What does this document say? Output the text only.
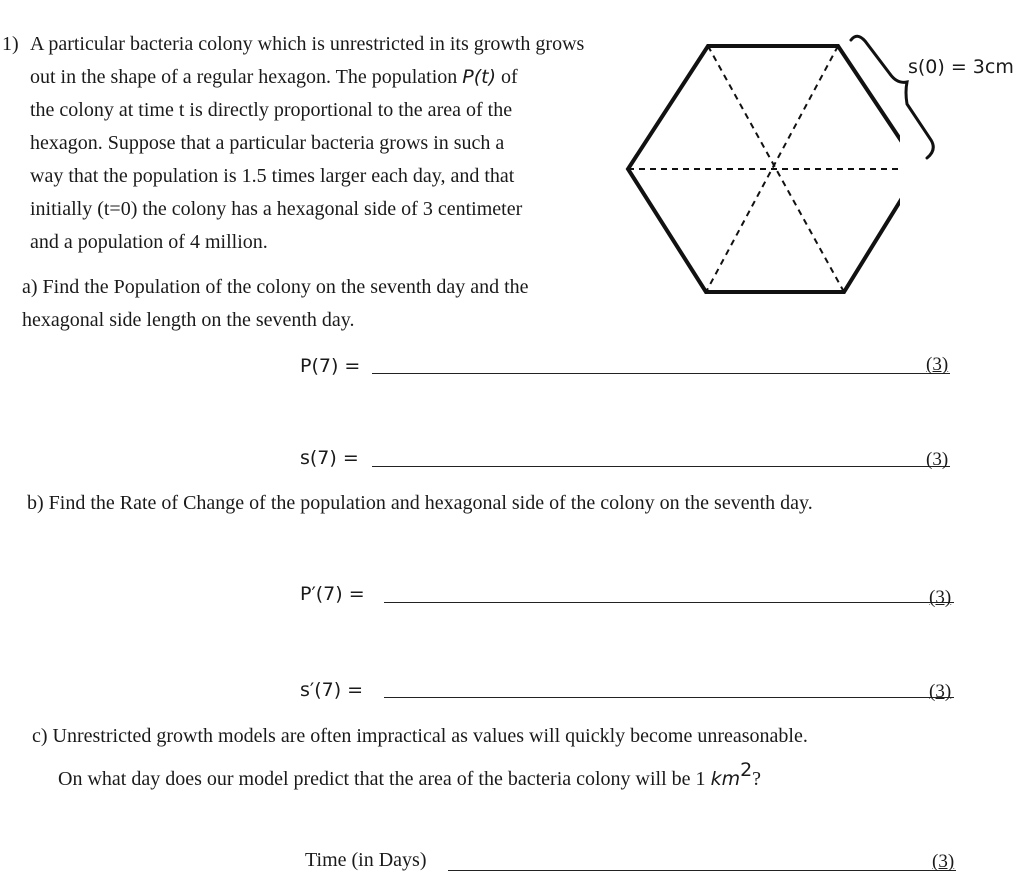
1) A particular bacteria colony which is unrestricted in its growth grows
out in the shape of a regular hexagon. The population P(t) of
the colony at time t is directly proportional to the area of the
hexagon. Suppose that a particular bacteria grows in such a
way that the population is 1.5 times larger each day, and that
initially (t=0) the colony has a hexagonal side of 3 centimeter
and a population of 4 million.
s(0) = 3cm
a) Find the Population of the colony on the seventh day and the
hexagonal side length on the seventh day.
P(7) =	(3)
s(7) =	(3)
b) Find the Rate of Change of the population and hexagonal side of the colony on the seventh day.
P′(7) =	(3)
s′(7) =	(3)
c) Unrestricted growth models are often impractical as values will quickly become unreasonable.
On what day does our model predict that the area of the bacteria colony will be 1 $km^2$?
Time (in Days)	(3)
